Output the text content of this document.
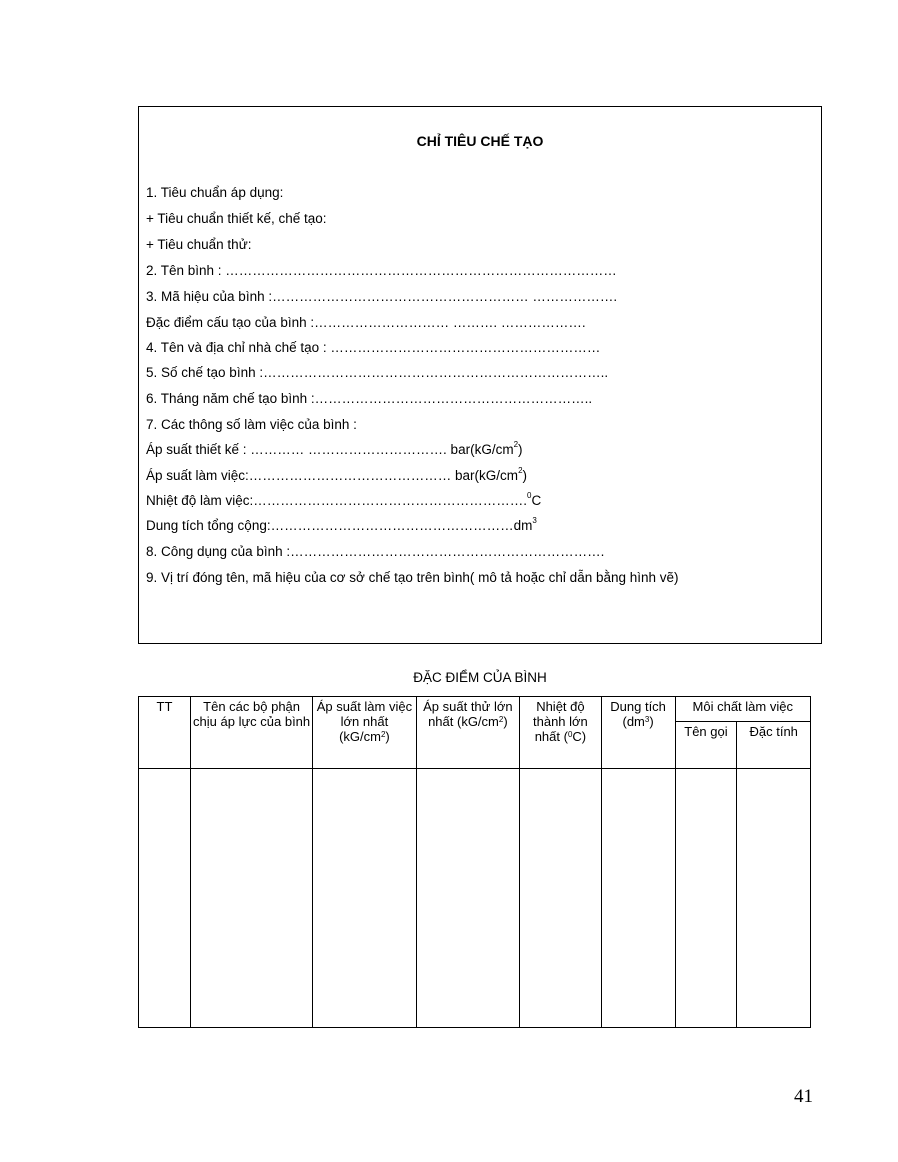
CHỈ TIÊU CHẾ TẠO
1. Tiêu chuẩn áp dụng:
+ Tiêu chuẩn thiết kế, chế tạo:
+ Tiêu chuẩn thử:
2. Tên bình : ……………………………………………………………………………
3. Mã hiệu của bình :………………………………………………… ……………….
Đặc điểm cấu tạo của bình :………………………… ………. ……………….
4. Tên và địa chỉ nhà chế tạo : ……………………………………………………
5. Số chế tạo bình :…………………………………………………………………..
6. Tháng năm chế tạo bình :……………………………………………………..
7. Các thông số làm việc của bình :
Áp suất thiết kế : ………… …………………………. $bar(kG/cm^2)$
Áp suất làm việc:……………………………………… $bar(kG/cm^2)$
Nhiệt độ làm việc:…………………………………………………….$^0$C
Dung tích tổng $cộng:\dots\dots\dots\dots\dots\dots\dots\dots\dots\dots\dots\dots\dots\dots\dots\dots\dots\dots dm^3$
8. Công dụng của bình :…………………………………………………………….
9. Vị trí đóng tên, mã hiệu của cơ sở chế tạo trên bình( mô tả hoặc chỉ dẫn bằng hình vẽ)
ĐẶC ĐIỂM CỦA BÌNH
TT	Tên các bộ phận chịu áp lực của bình	Áp suất làm việc lớn nhất $(kG/cm^2)$	Áp suất thử lớn nhất $(kG/cm^2)$	Nhiệt độ thành lớn nhất ($^0$C)	Dung tích $(dm^3)$	Môi chất làm việc	
						Tên gọi	Đặc tính

41
